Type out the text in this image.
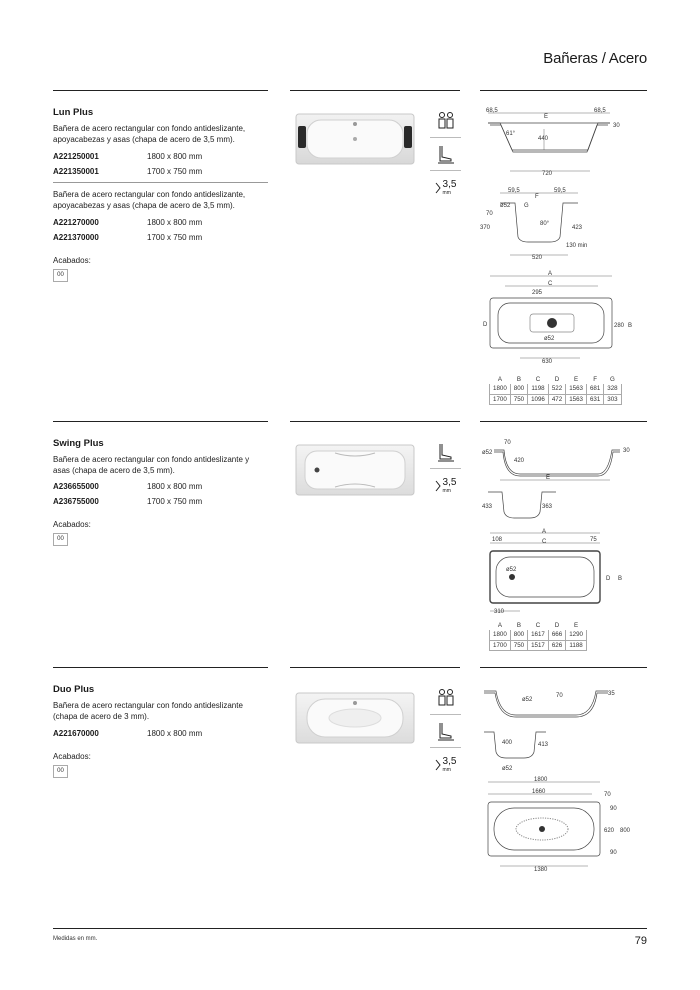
Bañeras / Acero
Lun Plus
Bañera de acero rectangular con fondo antideslizante, apoyacabezas y asas (chapa de acero de 3,5 mm).
A221250001	1800 x 800 mm
A221350001	1700 x 750 mm
Bañera de acero rectangular con fondo antideslizante, apoyacabezas y asas (chapa de acero de 3,5 mm).
A221270000	1800 x 800 mm
A221370000	1700 x 750 mm
Acabados:
00
3,5
mm
68,5
E
68,5
30
61°
440
720
59,5
F
59,5
G
ø52
70
370
80°
423
130 min
520
A
C
295
D
ø52
280 B
630
A	B	C	D	E	F	G
1800	800	1198	522	1563	681	328
1700	750	1096	472	1563	631	303
Swing Plus
Bañera de acero rectangular con fondo antideslizante y asas (chapa de acero de 3,5 mm).
A236655000	1800 x 800 mm
A236755000	1700 x 750 mm
Acabados:
00
3,5
mm
ø52
70
420
30
E
433	363
A
108	C	75
ø52
D B
310
A	B	C	D	E
1800	800	1617	666	1290
1700	750	1517	626	1188
Duo Plus
Bañera de acero rectangular con fondo antideslizante (chapa de acero de 3 mm).
A221670000	1800 x 800 mm
Acabados:
00
3,5
mm
ø52
70	35
400	413
ø52
1800
1660	70
90
620 800
90
1380
Medidas en mm.	79
